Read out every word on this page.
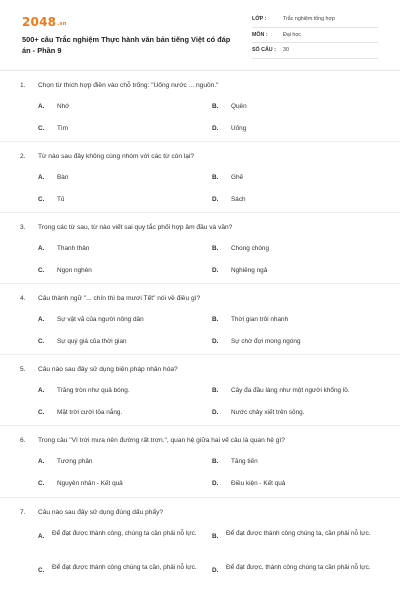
2048.vn
500+ câu Trắc nghiệm Thực hành văn bản tiếng Việt có đáp án - Phần 9
LỚP :	Trắc nghiệm tổng hợp
MÔN :	Đại học
SỐ CÂU : 30
1. Chọn từ thích hợp điền vào chỗ trống: "Uống nước ... nguồn."
A. Nhớ	B. Quên
C. Tìm	D. Uống
2. Từ nào sau đây không cùng nhóm với các từ còn lại?
A. Bàn	B. Ghế
C. Tủ	D. Sách
3. Trong các từ sau, từ nào viết sai quy tắc phối hợp âm đầu và vần?
A. Thanh thản	B. Chong chóng
C. Ngọn nghèn	D. Nghiêng ngả
4. Câu thành ngữ "... chín thì ba mươi Tết" nói về điều gì?
A. Sự vật vã của người nông dân	B. Thời gian trôi nhanh
C. Sự quý giá của thời gian	D. Sự chờ đợi mong ngóng
5. Câu nào sau đây sử dụng biện pháp nhân hóa?
A. Trăng tròn như quả bóng.	B. Cây đa đầu làng như một người khổng lồ.
C. Mặt trời cười tỏa nắng.	D. Nước chảy xiết trên sông.
6. Trong câu "Vì trời mưa nên đường rất trơn.", quan hệ giữa hai vế câu là quan hệ gì?
A. Tương phản	B. Tăng tiến
C. Nguyên nhân - Kết quả	D. Điều kiện - Kết quả
7. Câu nào sau đây sử dụng đúng dấu phẩy?
A. Để đạt được thành công, chúng ta cần phải nỗ lực. B. Để đạt được thành công chúng ta, cần phải nỗ lực.
C. Để đạt được thành công chúng ta cần, phải nỗ lực. D. Để đạt được, thành công chúng ta cần phải nỗ lực.
